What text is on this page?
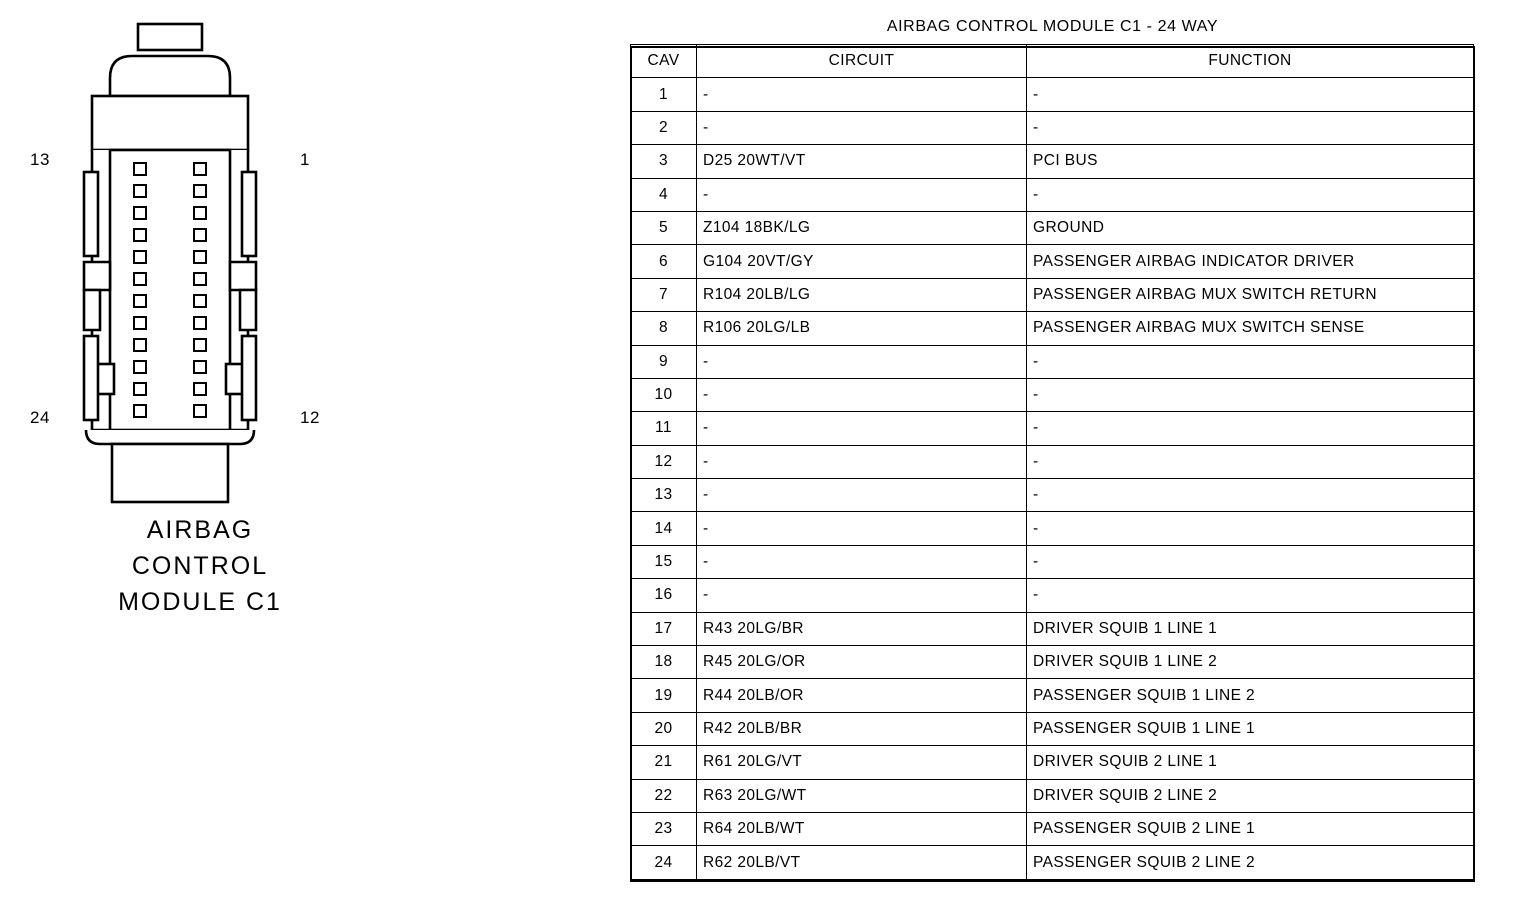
13	1
24	12
AIRBAG
CONTROL
MODULE C1
AIRBAG CONTROL MODULE C1 - 24 WAY
CAV	CIRCUIT	FUNCTION
1	-	-
2	-	-
3	D25 20WT/VT	PCI BUS
4	-	-
5	Z104 18BK/LG	GROUND
6	G104 20VT/GY	PASSENGER AIRBAG INDICATOR DRIVER
7	R104 20LB/LG	PASSENGER AIRBAG MUX SWITCH RETURN
8	R106 20LG/LB	PASSENGER AIRBAG MUX SWITCH SENSE
9	-	-
10	-	-
11	-	-
12	-	-
13	-	-
14	-	-
15	-	-
16	-	-
17	R43 20LG/BR	DRIVER SQUIB 1 LINE 1
18	R45 20LG/OR	DRIVER SQUIB 1 LINE 2
19	R44 20LB/OR	PASSENGER SQUIB 1 LINE 2
20	R42 20LB/BR	PASSENGER SQUIB 1 LINE 1
21	R61 20LG/VT	DRIVER SQUIB 2 LINE 1
22	R63 20LG/WT	DRIVER SQUIB 2 LINE 2
23	R64 20LB/WT	PASSENGER SQUIB 2 LINE 1
24	R62 20LB/VT	PASSENGER SQUIB 2 LINE 2
